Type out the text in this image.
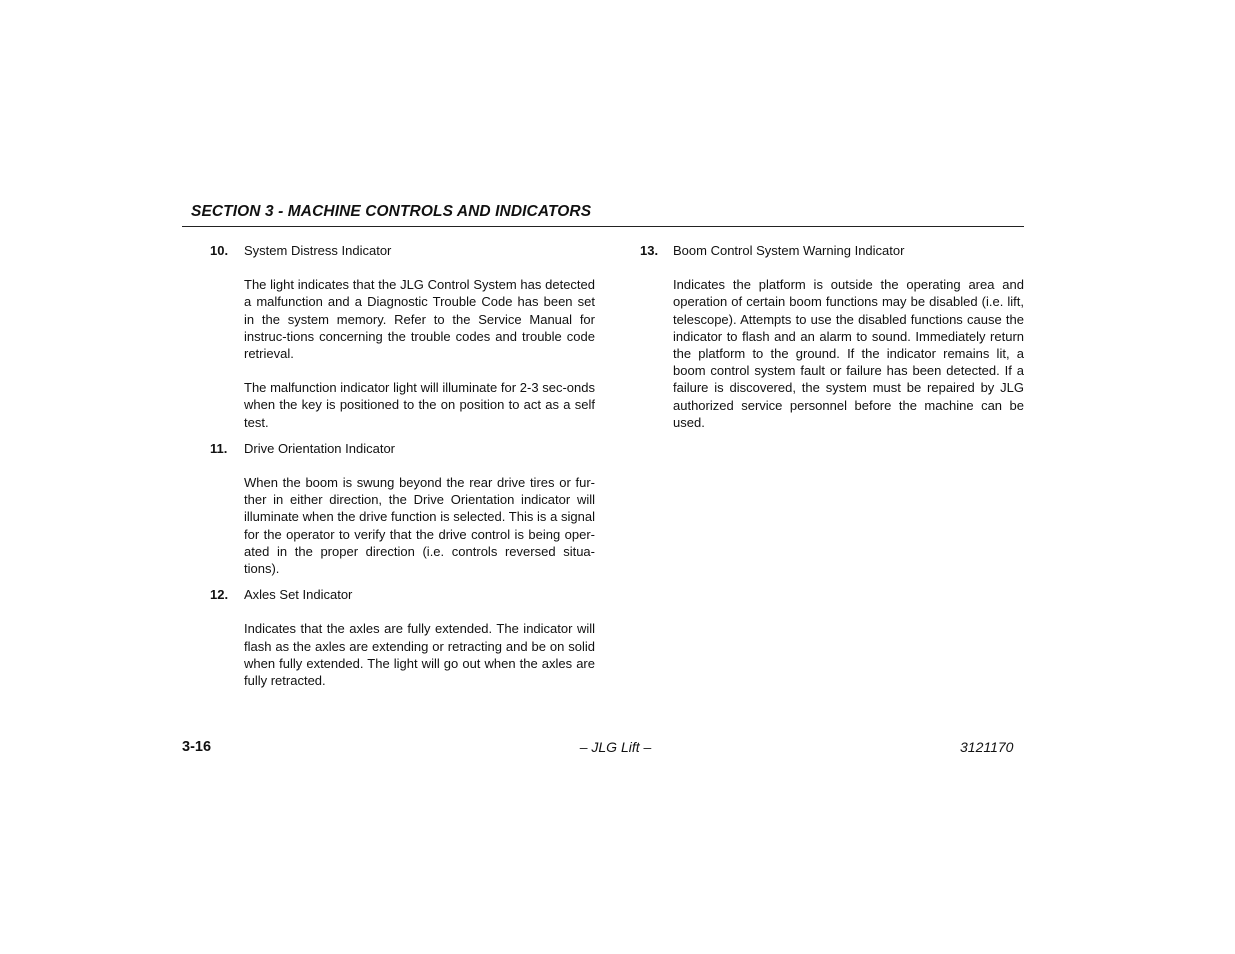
SECTION 3 - MACHINE CONTROLS AND INDICATORS
10. System Distress Indicator
The light indicates that the JLG Control System has detected a malfunction and a Diagnostic Trouble Code has been set in the system memory. Refer to the Service Manual for instruc-tions concerning the trouble codes and trouble code retrieval.
The malfunction indicator light will illuminate for 2-3 sec-onds when the key is positioned to the on position to act as a self test.
11. Drive Orientation Indicator
When the boom is swung beyond the rear drive tires or fur-ther in either direction, the Drive Orientation indicator will illuminate when the drive function is selected. This is a signal for the operator to verify that the drive control is being oper-ated in the proper direction (i.e. controls reversed situa-tions).
12. Axles Set Indicator
Indicates that the axles are fully extended. The indicator will flash as the axles are extending or retracting and be on solid when fully extended. The light will go out when the axles are fully retracted.
13. Boom Control System Warning Indicator
Indicates the platform is outside the operating area and operation of certain boom functions may be disabled (i.e. lift, telescope). Attempts to use the disabled functions cause the indicator to flash and an alarm to sound. Immediately return the platform to the ground. If the indicator remains lit, a boom control system fault or failure has been detected. If a failure is discovered, the system must be repaired by JLG authorized service personnel before the machine can be used.
3-16	– JLG Lift –	3121170
